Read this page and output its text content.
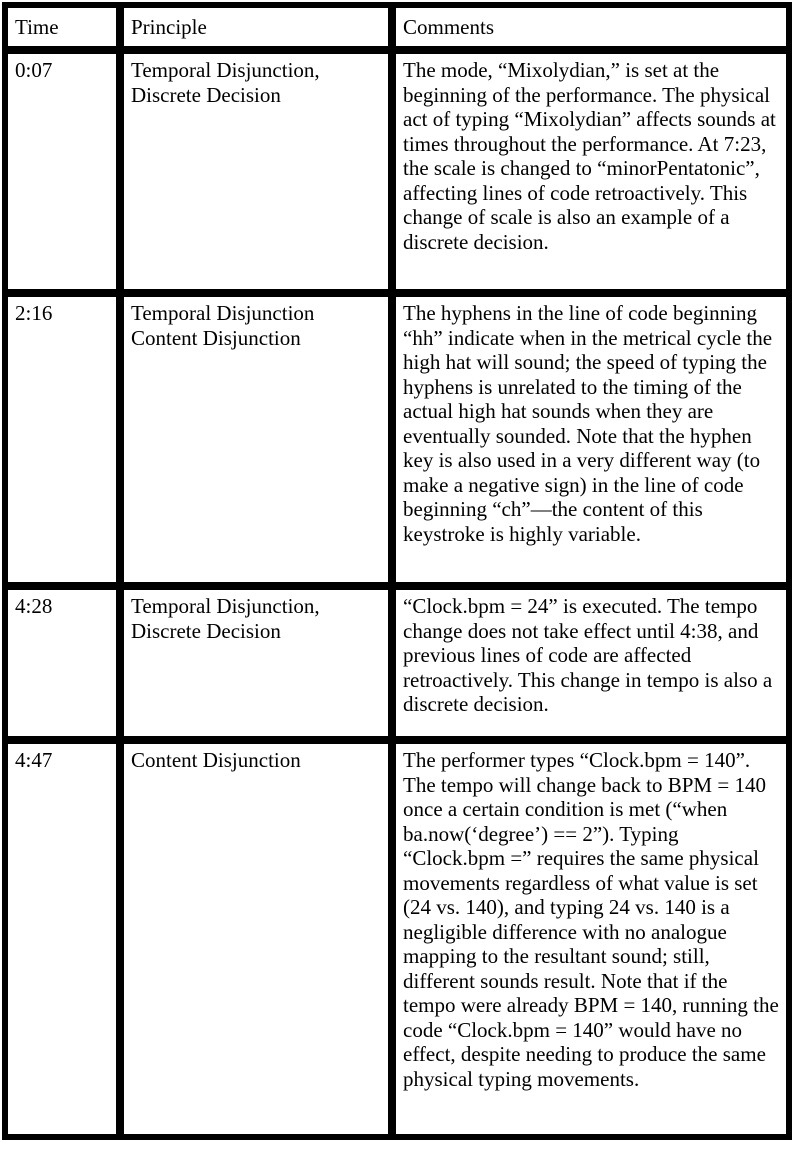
Time	Principle	Comments
0:07	Temporal Disjunction, Discrete Decision	The mode, “Mixolydian,” is set at the beginning of the performance. The physical act of typing “Mixolydian” affects sounds at times throughout the performance. At 7:23, the scale is changed to “minorPentatonic”, affecting lines of code retroactively. This change of scale is also an example of a discrete decision.
2:16	Temporal Disjunction Content Disjunction	The hyphens in the line of code beginning “hh” indicate when in the metrical cycle the high hat will sound; the speed of typing the hyphens is unrelated to the timing of the actual high hat sounds when they are eventually sounded. Note that the hyphen key is also used in a very different way (to make a negative sign) in the line of code beginning “ch”—the content of this keystroke is highly variable.
4:28	Temporal Disjunction, Discrete Decision	“Clock.bpm = 24” is executed. The tempo change does not take effect until 4:38, and previous lines of code are affected retroactively. This change in tempo is also a discrete decision.
4:47	Content Disjunction	The performer types “Clock.bpm = 140”. The tempo will change back to BPM = 140 once a certain condition is met (“when ba.now(‘degree’) == 2”). Typing “Clock.bpm =” requires the same physical movements regardless of what value is set (24 vs. 140), and typing 24 vs. 140 is a negligible difference with no analogue mapping to the resultant sound; still, different sounds result. Note that if the tempo were already BPM = 140, running the code “Clock.bpm = 140” would have no effect, despite needing to produce the same physical typing movements.
